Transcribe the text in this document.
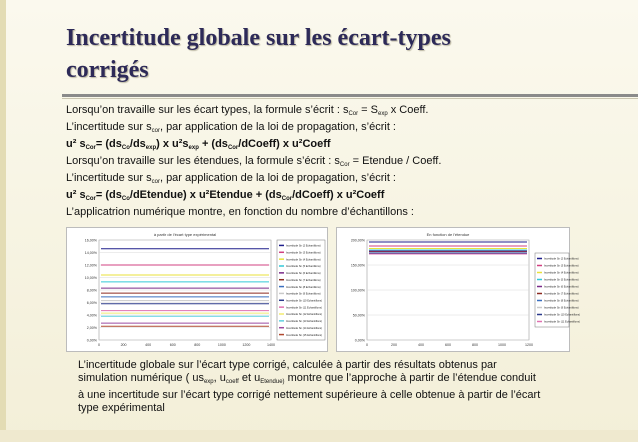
Incertitude globale sur les écart-types
corrigés
Lorsqu’on travaille sur les écart types, la formule s’écrit : $s_{Cor} = S_{exp}$ x Coeff.
L’incertitude sur $s_{cor}$, par application de la loi de propagation, s’écrit :
u² $s_{Cor}= (ds_{Co}/ds_{exp})$ x $u^2s_{exp}$ + $(ds_{Cor}/dCoeff)$ x u²Coeff
Lorsqu’on travaille sur les étendues, la formule s’écrit : $s_{Cor}$ = Etendue / Coeff.
L’incertitude sur $s_{cor}$, par application de la loi de propagation, s’écrit :
u² $s_{Cor}=$ $(ds_{Co}/dEtendue)$ x u²Etendue + $(ds_{Cor}/dCoeff)$ x u²Coeff
L’applicatrion numérique montre, en fonction du nombre d’échantillons :
à partir de l'écart type expérimental
0,00%
2,00%
4,00%
6,00%
8,00%
10,00%
12,00%
14,00%
16,00%
0	200	400	600	800	1000	1200	1400
Incertitude Sn (2 Echantillons)
Incertitude Sn (3 Echantillons)
Incertitude Sn (4 Echantillons)
Incertitude Sn (5 Echantillons)
Incertitude Sn (6 Echantillons)
Incertitude Sn (7 Echantillons)
Incertitude Sn (8 Echantillons)
Incertitude Sn (9 Echantillons)
Incertitude Sn (10 Echantillons)
Incertitude Sn (11 Echantillons)
Incertitude Sn (12 Echantillons)
Incertitude Sn (13 Echantillons)
Incertitude Sn (14 Echantillons)
Incertitude Sn (15 Echantillons)
En fonction de l'étendue
0,00%
50,00%
100,00%
150,00%
200,00%
0	200	400	600	800	1000	1200
Incertitude Sn (2 Echantillons)
Incertitude Sn (3 Echantillons)
Incertitude Sn (4 Echantillons)
Incertitude Sn (5 Echantillons)
Incertitude Sn (6 Echantillons)
Incertitude Sn (7 Echantillons)
Incertitude Sn (8 Echantillons)
Incertitude Sn (9 Echantillons)
Incertitude Sn (10 Echantillons)
Incertitude Sn (11 Echantillons)
L’incertitude globale sur l’écart type corrigé, calculée à partir des résultats obtenus par
simulation numérique ( $us_{exp}$, $u_{coeff}$ et $u_{Etendue)}$ montre que l’approche à partir de l’étendue conduit
à une incertitude sur l’écart type corrigé nettement supérieure à celle obtenue à partir de l’écart
type expérimental
